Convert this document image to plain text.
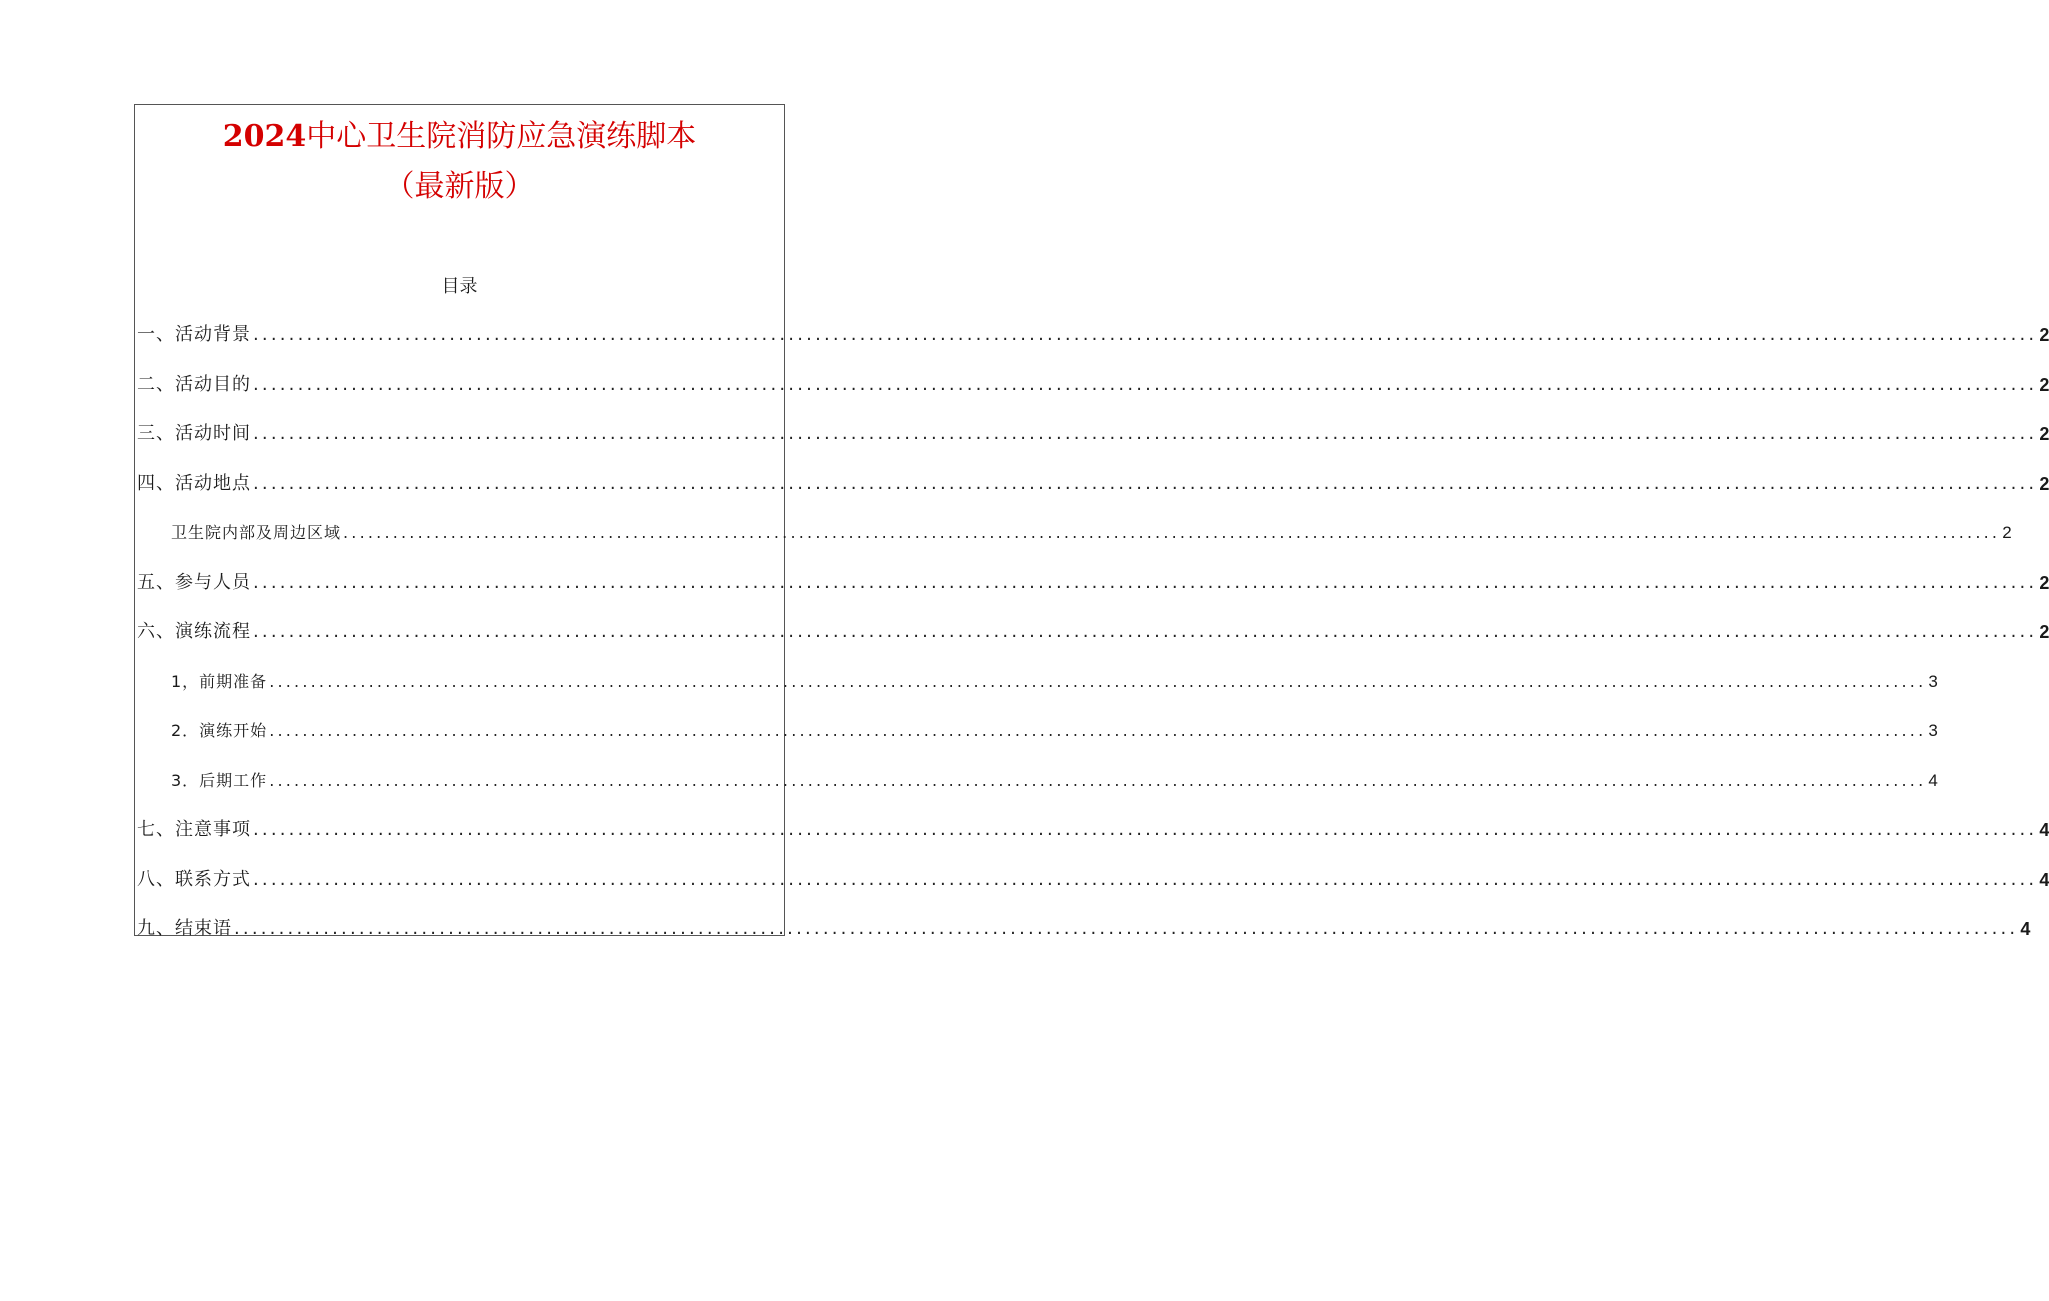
2024中心卫生院消防应急演练脚本
（最新版）
目录
一、活动背景 ........................................................................................................................................................................................................ 2
二、活动目的 ........................................................................................................................................................................................................ 2
三、活动时间 ........................................................................................................................................................................................................ 2
四、活动地点 ........................................................................................................................................................................................................ 2
卫生院内部及周边区域 ........................................................................................................................................................................................................ 2
五、参与人员 ........................................................................................................................................................................................................ 2
六、演练流程 ........................................................................................................................................................................................................ 2
1，前期准备 ........................................................................................................................................................................................................ 3
2．演练开始 ........................................................................................................................................................................................................ 3
3．后期工作 ........................................................................................................................................................................................................ 4
七、注意事项 ........................................................................................................................................................................................................ 4
八、联系方式 ........................................................................................................................................................................................................ 4
九、结束语 ........................................................................................................................................................................................................ 4
